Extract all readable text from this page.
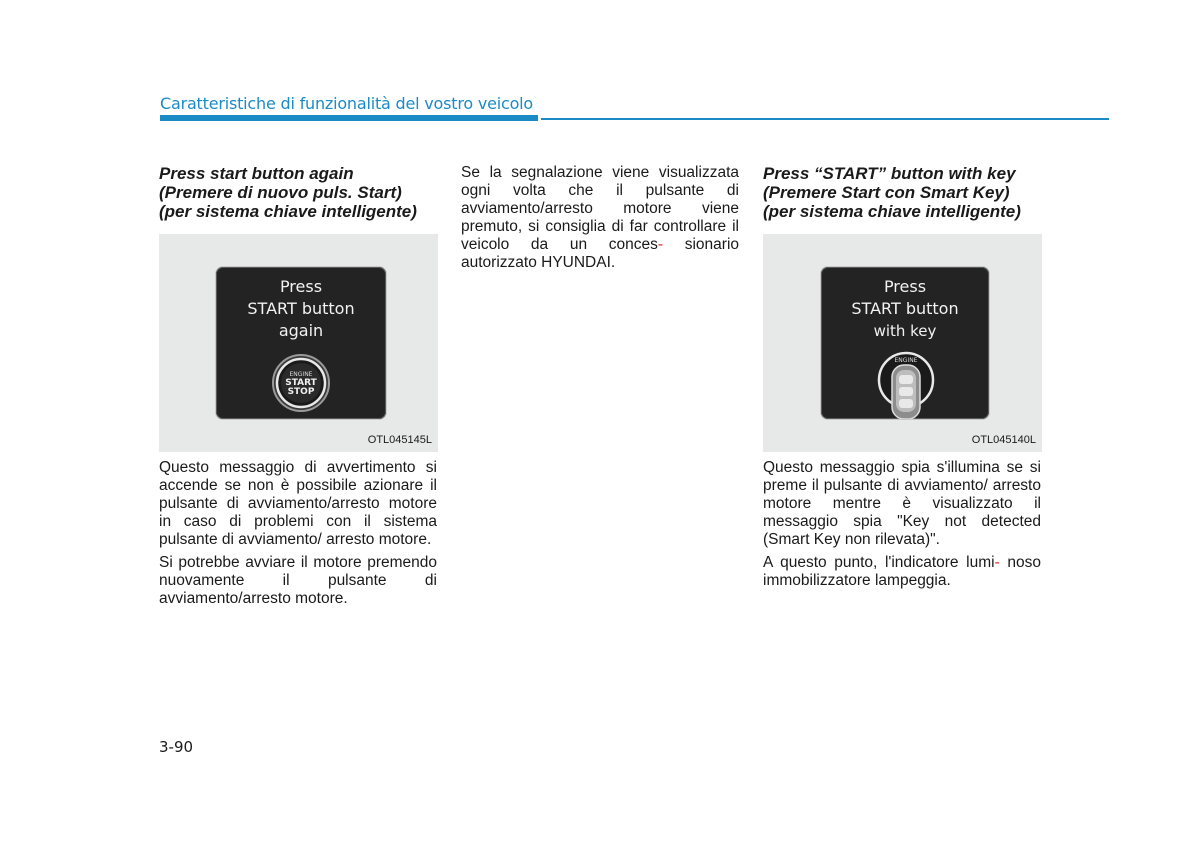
Caratteristiche di funzionalità del vostro veicolo
Press start button again
(Premere di nuovo puls. Start)
(per sistema chiave intelligente)
Press
START button
again
ENGINE
START
STOP
OTL045145L
Questo messaggio di avvertimento si accende se non è possibile azionare il pulsante di avviamento/arresto motore in caso di problemi con il sistema pulsante di avviamento/ arresto motore.
Si potrebbe avviare il motore premendo nuovamente il pulsante di avviamento/arresto motore.
Se la segnalazione viene visualizzata ogni volta che il pulsante di avviamento/arresto motore viene premuto, si consiglia di far controllare il veicolo da un conces- sionario autorizzato HYUNDAI.
Press “START” button with key
(Premere Start con Smart Key)
(per sistema chiave intelligente)
Press
START button
with key
ENGINE
OTL045140L
Questo messaggio spia s'illumina se si preme il pulsante di avviamento/ arresto motore mentre è visualizzato il messaggio spia "Key not detected (Smart Key non rilevata)".
A questo punto, l'indicatore lumi- noso immobilizzatore lampeggia.
3-90
